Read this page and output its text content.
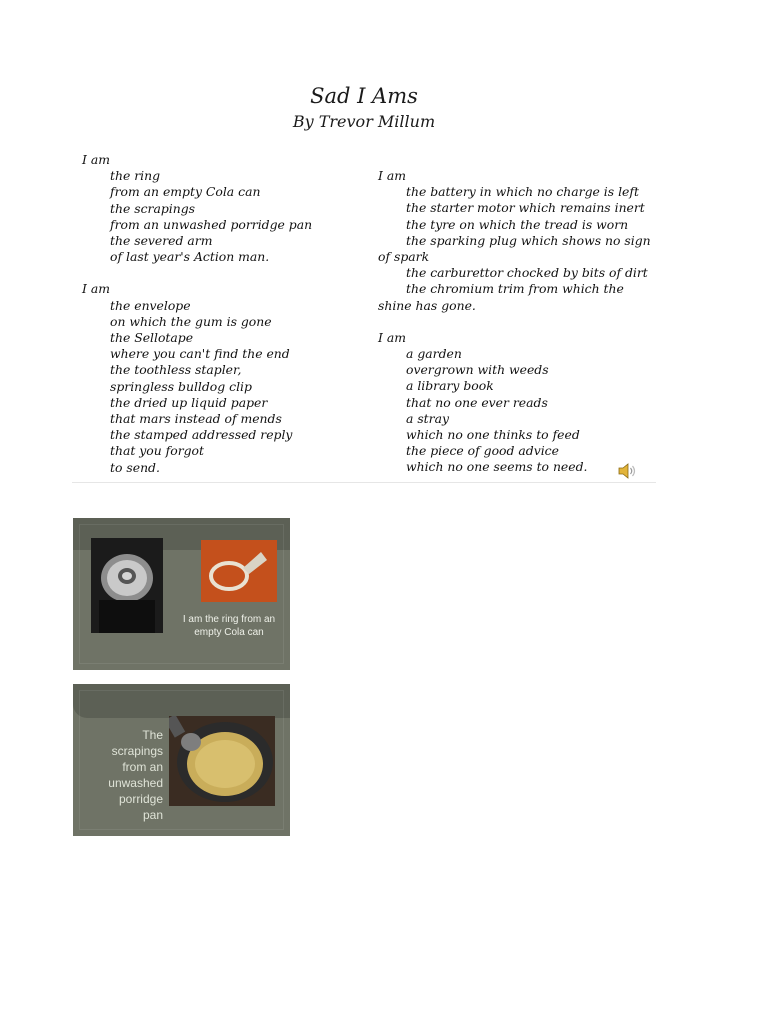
Sad I Ams
By Trevor Millum
I am
the ring
from an empty Cola can
the scrapings
from an unwashed porridge pan
the severed arm
of last year's Action man.
I am
the envelope
on which the gum is gone
the Sellotape
where you can't find the end
the toothless stapler,
springless bulldog clip
the dried up liquid paper
that mars instead of mends
the stamped addressed reply
that you forgot
to send.
I am
the battery in which no charge is left
the starter motor which remains inert
the tyre on which the tread is worn
the sparking plug which shows no sign
of spark
the carburettor chocked by bits of dirt
the chromium trim from which the
shine has gone.
I am
a garden
overgrown with weeds
a library book
that no one ever reads
a stray
which no one thinks to feed
the piece of good advice
which no one seems to need.
I am the ring from an empty Cola can
The
scrapings
from an
unwashed
porridge
pan
